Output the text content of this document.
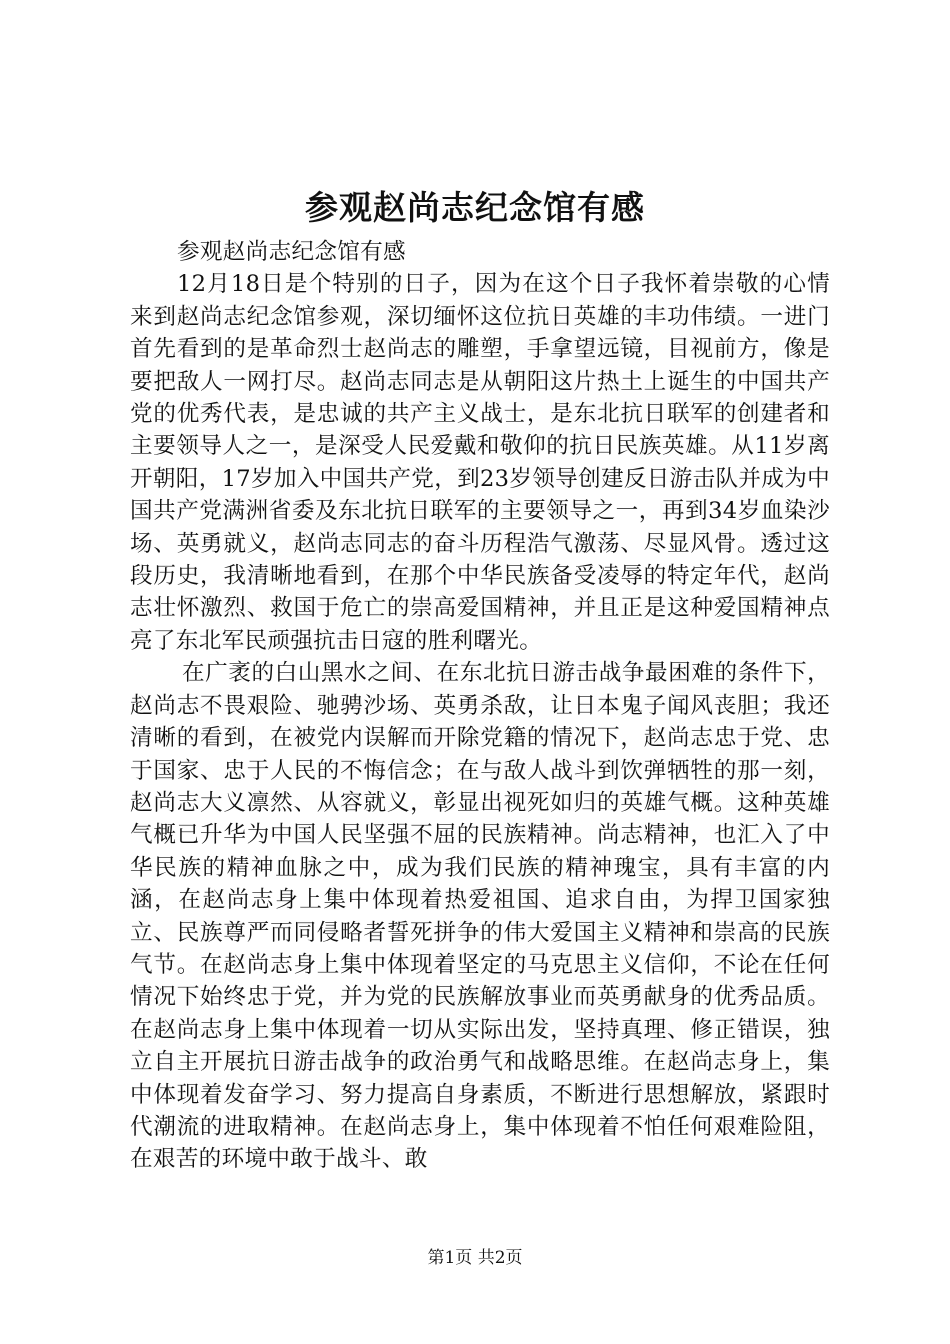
参观赵尚志纪念馆有感

参观赵尚志纪念馆有感

12月18日是个特别的日子，因为在这个日子我怀着崇敬的心情来到赵尚志纪念馆参观，深切缅怀这位抗日英雄的丰功伟绩。一进门首先看到的是革命烈士赵尚志的雕塑，手拿望远镜，目视前方，像是要把敌人一网打尽。赵尚志同志是从朝阳这片热土上诞生的中国共产党的优秀代表，是忠诚的共产主义战士，是东北抗日联军的创建者和主要领导人之一，是深受人民爱戴和敬仰的抗日民族英雄。从11岁离开朝阳，17岁加入中国共产党，到23岁领导创建反日游击队并成为中国共产党满洲省委及东北抗日联军的主要领导之一，再到34岁血染沙场、英勇就义，赵尚志同志的奋斗历程浩气激荡、尽显风骨。透过这段历史，我清晰地看到，在那个中华民族备受凌辱的特定年代，赵尚志壮怀激烈、救国于危亡的崇高爱国精神，并且正是这种爱国精神点亮了东北军民顽强抗击日寇的胜利曙光。

在广袤的白山黑水之间、在东北抗日游击战争最困难的条件下，赵尚志不畏艰险、驰骋沙场、英勇杀敌，让日本鬼子闻风丧胆；我还清晰的看到，在被党内误解而开除党籍的情况下，赵尚志忠于党、忠于国家、忠于人民的不悔信念；在与敌人战斗到饮弹牺牲的那一刻，赵尚志大义凛然、从容就义，彰显出视死如归的英雄气概。这种英雄气概已升华为中国人民坚强不屈的民族精神。尚志精神，也汇入了中华民族的精神血脉之中，成为我们民族的精神瑰宝，具有丰富的内涵，在赵尚志身上集中体现着热爱祖国、追求自由，为捍卫国家独立、民族尊严而同侵略者誓死拼争的伟大爱国主义精神和崇高的民族气节。在赵尚志身上集中体现着坚定的马克思主义信仰，不论在任何情况下始终忠于党，并为党的民族解放事业而英勇献身的优秀品质。在赵尚志身上集中体现着一切从实际出发，坚持真理、修正错误，独立自主开展抗日游击战争的政治勇气和战略思维。在赵尚志身上，集中体现着发奋学习、努力提高自身素质，不断进行思想解放，紧跟时代潮流的进取精神。在赵尚志身上，集中体现着不怕任何艰难险阻，在艰苦的环境中敢于战斗、敢

第1页 共2页
